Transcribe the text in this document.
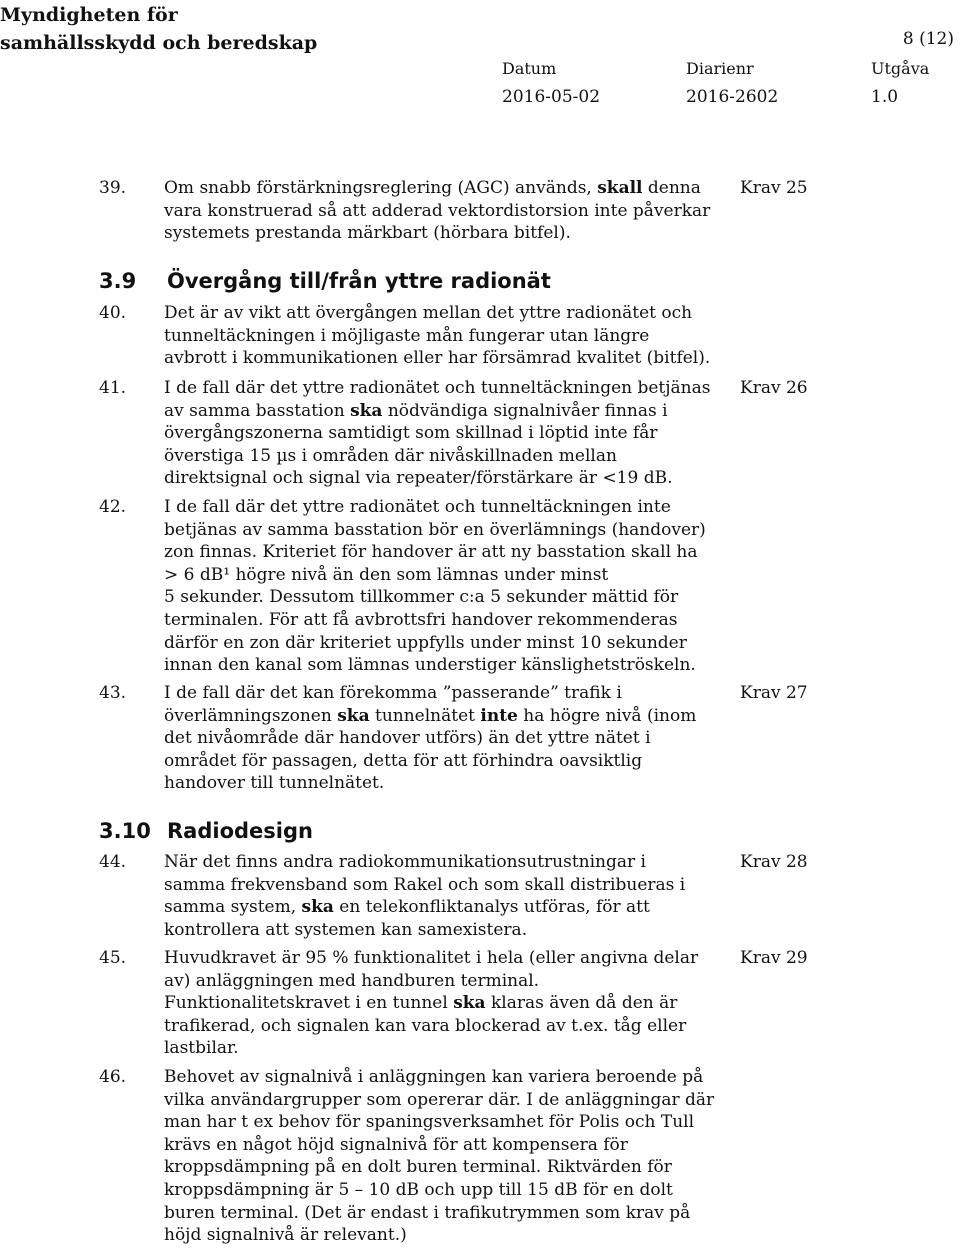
Myndigheten för
samhällsskydd och beredskap	8 (12)
Datum
2016-05-02
Diarienr
2016-2602
Utgåva
1.0
3.9 Övergång till/från yttre radionät
3.10 Radiodesign
39. Om snabb förstärkningsreglering (AGC) används, skall denna
vara konstruerad så att adderad vektordistorsion inte påverkar
systemets prestanda märkbart (hörbara bitfel).
Krav 25
40. Det är av vikt att övergången mellan det yttre radionätet och
tunneltäckningen i möjligaste mån fungerar utan längre
avbrott i kommunikationen eller har försämrad kvalitet (bitfel).
41. I de fall där det yttre radionätet och tunneltäckningen betjänas
av samma basstation ska nödvändiga signalnivåer finnas i
övergångszonerna samtidigt som skillnad i löptid inte får
överstiga 15 µs i områden där nivåskillnaden mellan
direktsignal och signal via repeater/förstärkare är <19 dB.
Krav 26
42. I de fall där det yttre radionätet och tunneltäckningen inte
betjänas av samma basstation bör en överlämnings (handover)
zon finnas. Kriteriet för handover är att ny basstation skall ha
> 6 dB¹ högre nivå än den som lämnas under minst
5 sekunder. Dessutom tillkommer c:a 5 sekunder mättid för
terminalen. För att få avbrottsfri handover rekommenderas
därför en zon där kriteriet uppfylls under minst 10 sekunder
innan den kanal som lämnas understiger känslighetströskeln.
43. I de fall där det kan förekomma ”passerande” trafik i
överlämningszonen ska tunnelnätet inte ha högre nivå (inom
det nivåområde där handover utförs) än det yttre nätet i
området för passagen, detta för att förhindra oavsiktlig
handover till tunnelnätet.
Krav 27
44. När det finns andra radiokommunikationsutrustningar i
samma frekvensband som Rakel och som skall distribueras i
samma system, ska en telekonfliktanalys utföras, för att
kontrollera att systemen kan samexistera.
Krav 28
45. Huvudkravet är 95 % funktionalitet i hela (eller angivna delar
av) anläggningen med handburen terminal.
Funktionalitetskravet i en tunnel ska klaras även då den är
trafikerad, och signalen kan vara blockerad av t.ex. tåg eller
lastbilar.
Krav 29
46. Behovet av signalnivå i anläggningen kan variera beroende på
vilka användargrupper som opererar där. I de anläggningar där
man har t ex behov för spaningsverksamhet för Polis och Tull
krävs en något höjd signalnivå för att kompensera för
kroppsdämpning på en dolt buren terminal. Riktvärden för
kroppsdämpning är 5 – 10 dB och upp till 15 dB för en dolt
buren terminal. (Det är endast i trafikutrymmen som krav på
höjd signalnivå är relevant.)
